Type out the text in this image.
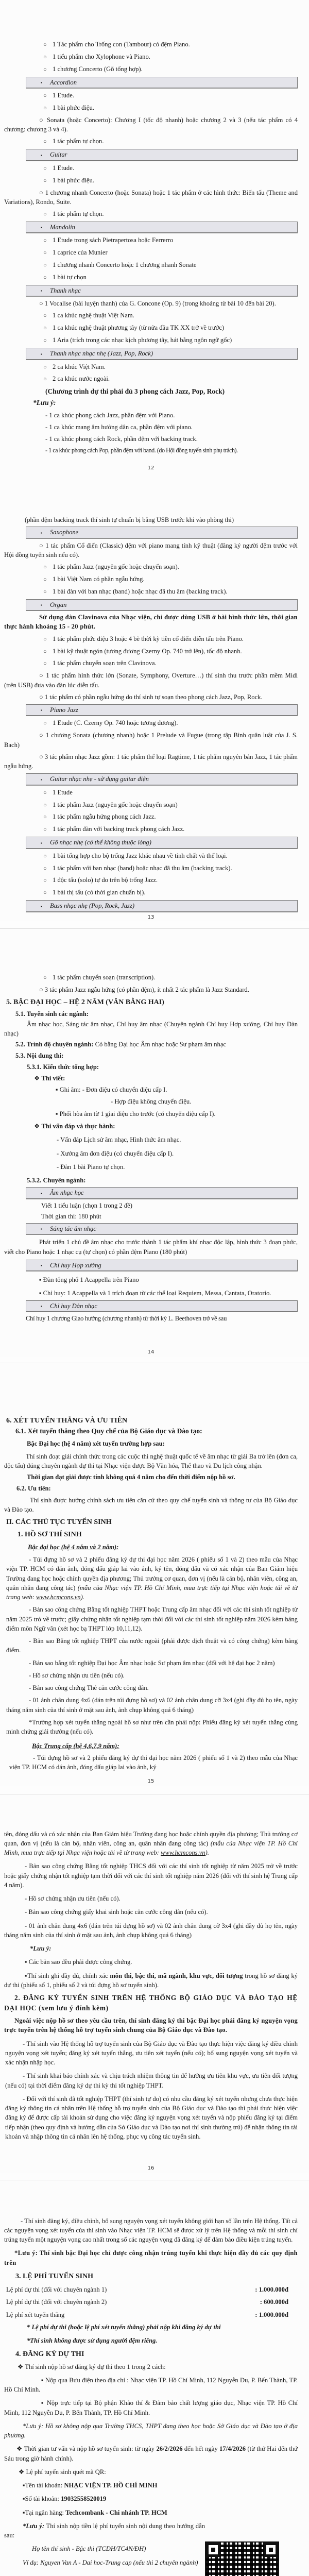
○ 1 Tác phẩm cho Trống con (Tambour) có đệm Piano.

○ 1 tiểu phẩm cho Xylophone và Piano.

○ 1 chương Concerto (Gõ tổng hợp).

▪ Accordion

○ 1 Etude.

○ 1 bài phức điệu.

○ Sonata (hoặc Concerto): Chương I (tốc độ nhanh) hoặc chương 2 và 3 (nếu tác phẩm có 4 chương: chương 3 và 4).

○ 1 tác phẩm tự chọn.

▪ Guitar

○ 1 Etude.

○ 1 bài phức điệu.

○ 1 chương nhanh Concerto (hoặc Sonata) hoặc 1 tác phẩm ở các hình thức: Biến tấu (Theme and Variations), Rondo, Suite.

○ 1 tác phẩm tự chọn.

▪ Mandolin

○ 1 Etude trong sách Pietrapertosa hoặc Ferrerro

○ 1 caprice của Munier

○ 1 chương nhanh Concerto hoặc 1 chương nhanh Sonate

○ 1 bài tự chọn

▪ Thanh nhạc

○ 1 Vocalise (bài luyện thanh) của G. Concone (Op. 9) (trong khoảng từ bài 10 đến bài 20).

○ 1 ca khúc nghệ thuật Việt Nam.

○ 1 ca khúc nghệ thuật phương tây (từ nửa đầu TK XX trở về trước)

○ 1 Aria (trích trong các nhạc kịch phương tây, hát bằng ngôn ngữ gốc)

▪ Thanh nhạc nhạc nhẹ (Jazz, Pop, Rock)

○ 2 ca khúc Việt Nam.

○ 2 ca khúc nước ngoài.

(Chương trình dự thi phải đủ 3 phong cách Jazz, Pop, Rock)

*Lưu ý:

- 1 ca khúc phong cách Jazz, phần đệm với Piano.

- 1 ca khúc mang âm hưởng dân ca, phần đệm với piano.

- 1 ca khúc phong cách Rock, phần đệm với backing track.

- 1 ca khúc phong cách Pop, phần đệm với band. (do Hội đồng tuyển sinh phụ trách).

12

(phần đệm backing track thí sinh tự chuẩn bị bằng USB trước khi vào phòng thi)

▪ Saxophone

○ 1 tác phẩm Cổ điển (Classic) đệm với piano mang tính kỹ thuật (đăng ký người đệm trước với Hội đồng tuyển sinh nếu có).

○ 1 tác phẩm Jazz (nguyên gốc hoặc chuyển soạn).

○ 1 bài Việt Nam có phần ngẫu hứng.

○ 1 bài đàn với ban nhạc (band) hoặc nhạc đã thu âm (backing track).

▪ Organ

Sử dụng đàn Clavinova của Nhạc viện, chỉ được dùng USB ở bài hình thức lớn, thời gian thực hành khoảng 15 - 20 phút.

○ 1 tác phẩm phức điệu 3 hoặc 4 bè thời kỳ tiền cổ điển diễn tấu trên Piano.

○ 1 bài kỹ thuật ngón (tương đương Czerny Op. 740 trở lên), tốc độ nhanh.

○ 1 tác phẩm chuyển soạn trên Clavinova.

○ 1 tác phẩm hình thức lớn (Sonate, Symphony, Overture…) thí sinh thu trước phần mềm Midi (trên USB) đưa vào đàn lúc diễn tấu.

○ 1 tác phẩm có phần ngẫu hứng do thí sinh tự soạn theo phong cách Jazz, Pop, Rock.

▪ Piano Jazz

○ 1 Etude (C. Czerny Op. 740 hoặc tương đương).

○ 1 chương Sonata (chương nhanh) hoặc 1 Prelude và Fugue (trong tập Bình quân luật của J. S. Bach)

○ 3 tác phẩm nhạc Jazz gồm: 1 tác phẩm thể loại Ragtime, 1 tác phẩm nguyên bản Jazz, 1 tác phẩm ngẫu hứng.

▪ Guitar nhạc nhẹ - sử dụng guitar điện

○ 1 Etude

○ 1 tác phẩm Jazz (nguyên gốc hoặc chuyển soạn)

○ 1 tác phẩm ngẫu hứng phong cách Jazz.

○ 1 tác phẩm đàn với backing track phong cách Jazz.

▪ Gõ nhạc nhẹ (có thể không thuộc lòng)

○ 1 bài tổng hợp cho bộ trống Jazz khác nhau về tính chất và thể loại.

○ 1 tác phẩm với ban nhạc (band) hoặc nhạc đã thu âm (backing track).

○ 1 độc tấu (solo) tự do trên bộ trống Jazz.

○ 1 bài thị tấu (có thời gian chuẩn bị).

▪ Bass nhạc nhẹ (Pop, Rock, Jazz)
13

○ 1 tác phẩm chuyển soạn (transcription).

○ 3 tác phẩm Jazz ngẫu hứng (có phần đệm), ít nhất 2 tác phẩm là Jazz Standard.

5. BẬC ĐẠI HỌC – HỆ 2 NĂM (VĂN BẰNG HAI)

5.1. Tuyển sinh các ngành:

Âm nhạc học, Sáng tác âm nhạc, Chỉ huy âm nhạc (Chuyên ngành Chỉ huy Hợp xướng, Chỉ huy Dàn nhạc)

5.2. Trình độ chuyên ngành: Có bằng Đại học Âm nhạc hoặc Sư phạm âm nhạc

5.3. Nội dung thi:

5.3.1. Kiến thức tổng hợp:

❖ Thi viết:

▪ Ghi âm: - Đơn điệu có chuyển điệu cấp I.

- Hợp điệu không chuyển điệu.

▪ Phối hòa âm từ 1 giai điệu cho trước (có chuyển điệu cấp I).

❖ Thi vấn đáp và thực hành:

- Vấn đáp Lịch sử âm nhạc, Hình thức âm nhạc.

- Xướng âm đơn điệu (có chuyển điệu cấp I).

- Đàn 1 bài Piano tự chọn.

5.3.2. Chuyên ngành:

▪ Âm nhạc học

Viết 1 tiểu luận (chọn 1 trong 2 đề)

Thời gian thi: 180 phút

▪ Sáng tác âm nhạc

Phát triển 1 chủ đề âm nhạc cho trước thành 1 tác phẩm khí nhạc độc lập, hình thức 3 đoạn phức, viết cho Piano hoặc 1 nhạc cụ (tự chọn) có phần đệm Piano (180 phút)

▪ Chỉ huy Hợp xướng

▪ Đàn tổng phổ 1 Acappella trên Piano

▪ Chỉ huy: 1 Acappella và 1 trích đoạn từ các thể loại Requiem, Messa, Cantata, Oratorio.

▪ Chỉ huy Dàn nhạc

Chỉ huy 1 chương Giao hưởng (chương nhanh) từ thời kỳ L. Beethoven trở về sau

14

6. XÉT TUYỂN THẲNG VÀ ƯU TIÊN

6.1. Xét tuyển thẳng theo Quy chế của Bộ Giáo dục và Đào tạo:

Bậc Đại học (hệ 4 năm) xét tuyển trường hợp sau:

Thí sinh đoạt giải chính thức trong các cuộc thi nghệ thuật quốc tế về âm nhạc từ giải Ba trở lên (đơn ca, độc tấu) đúng chuyên ngành dự thi tại Nhạc viện được Bộ Văn hóa, Thể thao và Du lịch công nhận.

Thời gian đạt giải được tính không quá 4 năm cho đến thời điểm nộp hồ sơ.

6.2. Ưu tiên:

Thí sinh được hưởng chính sách ưu tiên căn cứ theo quy chế tuyển sinh và thông tư của Bộ Giáo dục và Đào tạo.

II. CÁC THỦ TỤC TUYỂN SINH

1. HỒ SƠ THÍ SINH

Bậc đại học (hệ 4 năm và 2 năm):

- Túi đựng hồ sơ và 2 phiếu đăng ký dự thi đại học năm 2026 ( phiếu số 1 và 2) theo mẫu của Nhạc viện TP. HCM có dán ảnh, đóng dấu giáp lai vào ảnh, ký tên, đóng dấu và có xác nhận của Ban Giám hiệu Trường đang học hoặc chính quyền địa phương; Thủ trưởng cơ quan, đơn vị (nếu là cán bộ, nhân viên, công an, quân nhân đang công tác) (mẫu của Nhạc viện TP. Hồ Chí Minh, mua trực tiếp tại Nhạc viện hoặc tải về từ trang web: www.hcmcons.vn).

- Bản sao công chứng Bằng tốt nghiệp THPT hoặc Trung cấp âm nhạc đối với các thí sinh tốt nghiệp từ năm 2025 trở về trước; giấy chứng nhận tốt nghiệp tạm thời đối với các thí sinh tốt nghiệp năm 2026 kèm bảng điểm môn Ngữ văn (xét học bạ THPT lớp 10,11,12).

- Bản sao Bằng tốt nghiệp THPT của nước ngoài (phải được dịch thuật và có công chứng) kèm bảng điểm.

- Bản sao bằng tốt nghiệp Đại học Âm nhạc hoặc Sư phạm âm nhạc (đối với hệ đại học 2 năm)

- Hồ sơ chứng nhận ưu tiên (nếu có).

- Bản sao công chứng Thẻ căn cước công dân.

- 01 ảnh chân dung 4x6 (dán trên túi đựng hồ sơ) và 02 ảnh chân dung cỡ 3x4 (ghi đầy đủ họ tên, ngày tháng năm sinh của thí sinh ở mặt sau ảnh, ảnh chụp không quá 6 tháng)

*Trường hợp xét tuyển thẳng ngoài hồ sơ như trên cần phải nộp: Phiếu đăng ký xét tuyển thẳng cùng minh chứng giải thưởng (nếu có).

Bậc Trung cấp (hệ 4,6,7,9 năm):

- Túi đựng hồ sơ và 2 phiếu đăng ký dự thi đại học năm 2026 ( phiếu số 1 và 2) theo mẫu của Nhạc viện TP. HCM có dán ảnh, đóng dấu giáp lai vào ảnh, ký

15

tên, đóng dấu và có xác nhận của Ban Giám hiệu Trường đang học hoặc chính quyền địa phương; Thủ trưởng cơ quan, đơn vị (nếu là cán bộ, nhân viên, công an, quân nhân đang công tác) (mẫu của Nhạc viện TP. Hồ Chí Minh, mua trực tiếp tại Nhạc viện hoặc tải về từ trang web: www.hcmcons.vn).

- Bản sao công chứng Bằng tốt nghiệp THCS đối với các thí sinh tốt nghiệp từ năm 2025 trở về trước hoặc giấy chứng nhận tốt nghiệp tạm thời đối với các thí sinh tốt nghiệp năm 2026 (đối với thí sinh hệ Trung cấp 4 năm).

- Hồ sơ chứng nhận ưu tiên (nếu có).

- Bản sao công chứng giấy khai sinh hoặc căn cước công dân (nếu có).

- 01 ảnh chân dung 4x6 (dán trên túi đựng hồ sơ) và 02 ảnh chân dung cỡ 3x4 (ghi đầy đủ họ tên, ngày tháng năm sinh của thí sinh ở mặt sau ảnh, ảnh chụp không quá 6 tháng)

*Lưu ý:

▪ Các bản sao đều phải được công chứng.

▪Thí sinh ghi đầy đủ, chính xác môn thi, bậc thi, mã ngành, khu vực, đối tượng trong hồ sơ đăng ký dự thi (phiếu số 1, phiếu số 2 và túi đựng hồ sơ tuyển sinh).

2. ĐĂNG KÝ TUYỂN SINH TRÊN HỆ THỐNG BỘ GIÁO DỤC VÀ ĐÀO TẠO HỆ ĐẠI HỌC (xem lưu ý đính kèm)

Ngoài việc nộp hồ sơ theo yêu cầu trên, thí sinh đăng ký thi bậc Đại học phải đăng ký nguyện vọng trực tuyến trên hệ thống hỗ trợ tuyển sinh chung của Bộ Giáo dục và Đào tạo.

- Thí sinh vào Hệ thống hỗ trợ tuyển sinh của Bộ Giáo dục và Đào tạo thực hiện việc đăng ký điều chỉnh nguyện vọng xét tuyển; đăng ký xét tuyển thẳng, ưu tiên xét tuyển (nếu có); bổ sung nguyện vọng xét tuyển và xác nhận nhập học.

- Thí sinh khai báo chính xác và chịu trách nhiệm thông tin để hưởng ưu tiên khu vực, ưu tiên đối tượng (nếu có) tại thời điểm đăng ký dự thi kỳ thi tốt nghiệp THPT.

- Đối với thí sinh đã tốt nghiệp THPT (thí sinh tự do) có nhu cầu đăng ký xét tuyển nhưng chưa thực hiện đăng ký thông tin cá nhân trên Hệ thống hỗ trợ tuyển sinh của Bộ Giáo dục và Đào tạo thì phải thực hiện việc đăng ký để được cấp tài khoản sử dụng cho việc đăng ký nguyện vọng xét tuyển và nộp phiếu đăng ký tại điểm tiếp nhận (theo quy định và hướng dẫn của Sở Giáo dục và Đào tạo nơi thí sinh thường trú) để nhận thông tin tài khoản và nhập thông tin cá nhân lên hệ thống, phục vụ công tác tuyển sinh.

16

- Thí sinh đăng ký, điều chỉnh, bổ sung nguyện vọng xét tuyển không giới hạn số lần trên Hệ thống. Tất cả các nguyện vọng xét tuyển của thí sinh vào Nhạc viện TP. HCM sẽ được xử lý trên Hệ thống và mỗi thí sinh chỉ trúng tuyển một nguyện vọng cao nhất trong số các nguyện vọng đã đăng ký để đảm bảo điều kiện trúng tuyển.

*Lưu ý: Thí sinh bậc Đại học chỉ được công nhận trúng tuyển khi thực hiện đầy đủ các quy định trên

3. LỆ PHÍ TUYỂN SINH

Lệ phí dự thi (đối với chuyên ngành 1)	: 1.000.000đ
Lệ phí dự thi (đối với chuyên ngành 2)	: 600.000đ
Lệ phí xét tuyển thẳng	: 1.000.000đ

* Lệ phí dự thi (hoặc lệ phí xét tuyển thẳng) phải nộp khi đăng ký dự thi

*Thí sinh không được sử dụng người đệm riêng.

4. ĐĂNG KÝ DỰ THI

❖ Thí sinh nộp hồ sơ đăng ký dự thi theo 1 trong 2 cách:

▪ Nộp qua Bưu điện theo địa chỉ : Nhạc viện TP. Hồ Chí Minh, 112 Nguyễn Du, P. Bến Thành, TP. Hồ Chí Minh.

▪ Nộp trực tiếp tại Bộ phận Khảo thí & Đảm bảo chất lượng giáo dục, Nhạc viện TP. Hồ Chí Minh, 112 Nguyễn Du, P. Bến Thành, TP. Hồ Chí Minh.

*Lưu ý: Hồ sơ không nộp qua Trường THCS, THPT đang theo học hoặc Sở Giáo dục và Đào tạo ở địa phương.

❖ Thời gian tư vấn và nộp hồ sơ tuyển sinh: từ ngày 26/2/2026 đến hết ngày 17/4/2026 (từ thứ Hai đến thứ Sáu trong giờ hành chính).

❖ Lệ phí tuyển sinh quét mã QR:

▪Tên tài khoản: NHẠC VIỆN TP. HỒ CHÍ MINH

▪Số tài khoản: 19032558520019

▪Tại ngân hàng: Techcombank - Chi nhánh TP. HCM

*Lưu ý: Thí sinh nộp tiền lệ phí tuyển sinh nội dung theo hướng dẫn sau:

Họ tên thí sinh - Bậc thi (TCDH/TC4N/ĐH)

Ví dụ: Nguyen Van A - Dai hoc-Trung cap (nếu thi 2 chuyên ngành)
